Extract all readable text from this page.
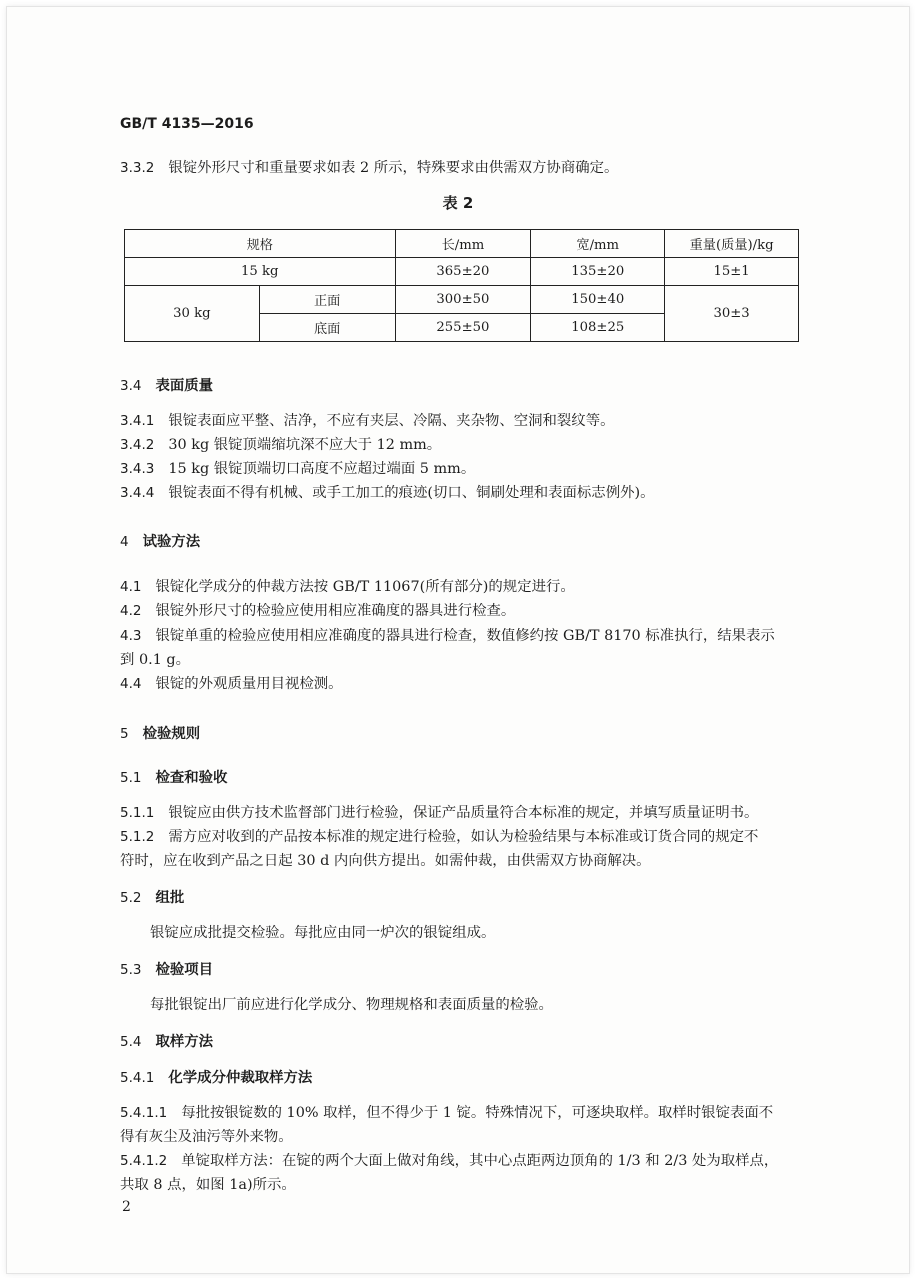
GB/T 4135—2016
3.3.2 银锭外形尺寸和重量要求如表 2 所示，特殊要求由供需双方协商确定。
表 2
规格		长/mm	宽/mm	重量(质量)/kg
15 kg		365±20	135±20	15±1
30 kg	正面	300±50	150±40	30±3
	底面	255±50	108±25	
3.4 表面质量
3.4.1 银锭表面应平整、洁净，不应有夹层、冷隔、夹杂物、空洞和裂纹等。
3.4.2 30 kg 银锭顶端缩坑深不应大于 12 mm。
3.4.3 15 kg 银锭顶端切口高度不应超过端面 5 mm。
3.4.4 银锭表面不得有机械、或手工加工的痕迹(切口、铜刷处理和表面标志例外)。
4 试验方法
4.1 银锭化学成分的仲裁方法按 GB/T 11067(所有部分)的规定进行。
4.2 银锭外形尺寸的检验应使用相应准确度的器具进行检查。
4.3 银锭单重的检验应使用相应准确度的器具进行检查，数值修约按 GB/T 8170 标准执行，结果表示
到 0.1 g。
4.4 银锭的外观质量用目视检测。
5 检验规则
5.1 检查和验收
5.1.1 银锭应由供方技术监督部门进行检验，保证产品质量符合本标准的规定，并填写质量证明书。
5.1.2 需方应对收到的产品按本标准的规定进行检验，如认为检验结果与本标准或订货合同的规定不
符时，应在收到产品之日起 30 d 内向供方提出。如需仲裁，由供需双方协商解决。
5.2 组批
银锭应成批提交检验。每批应由同一炉次的银锭组成。
5.3 检验项目
每批银锭出厂前应进行化学成分、物理规格和表面质量的检验。
5.4 取样方法
5.4.1 化学成分仲裁取样方法
5.4.1.1 每批按银锭数的 10% 取样，但不得少于 1 锭。特殊情况下，可逐块取样。取样时银锭表面不
得有灰尘及油污等外来物。
5.4.1.2 单锭取样方法：在锭的两个大面上做对角线，其中心点距两边顶角的 1/3 和 2/3 处为取样点，
共取 8 点，如图 1a)所示。
2
